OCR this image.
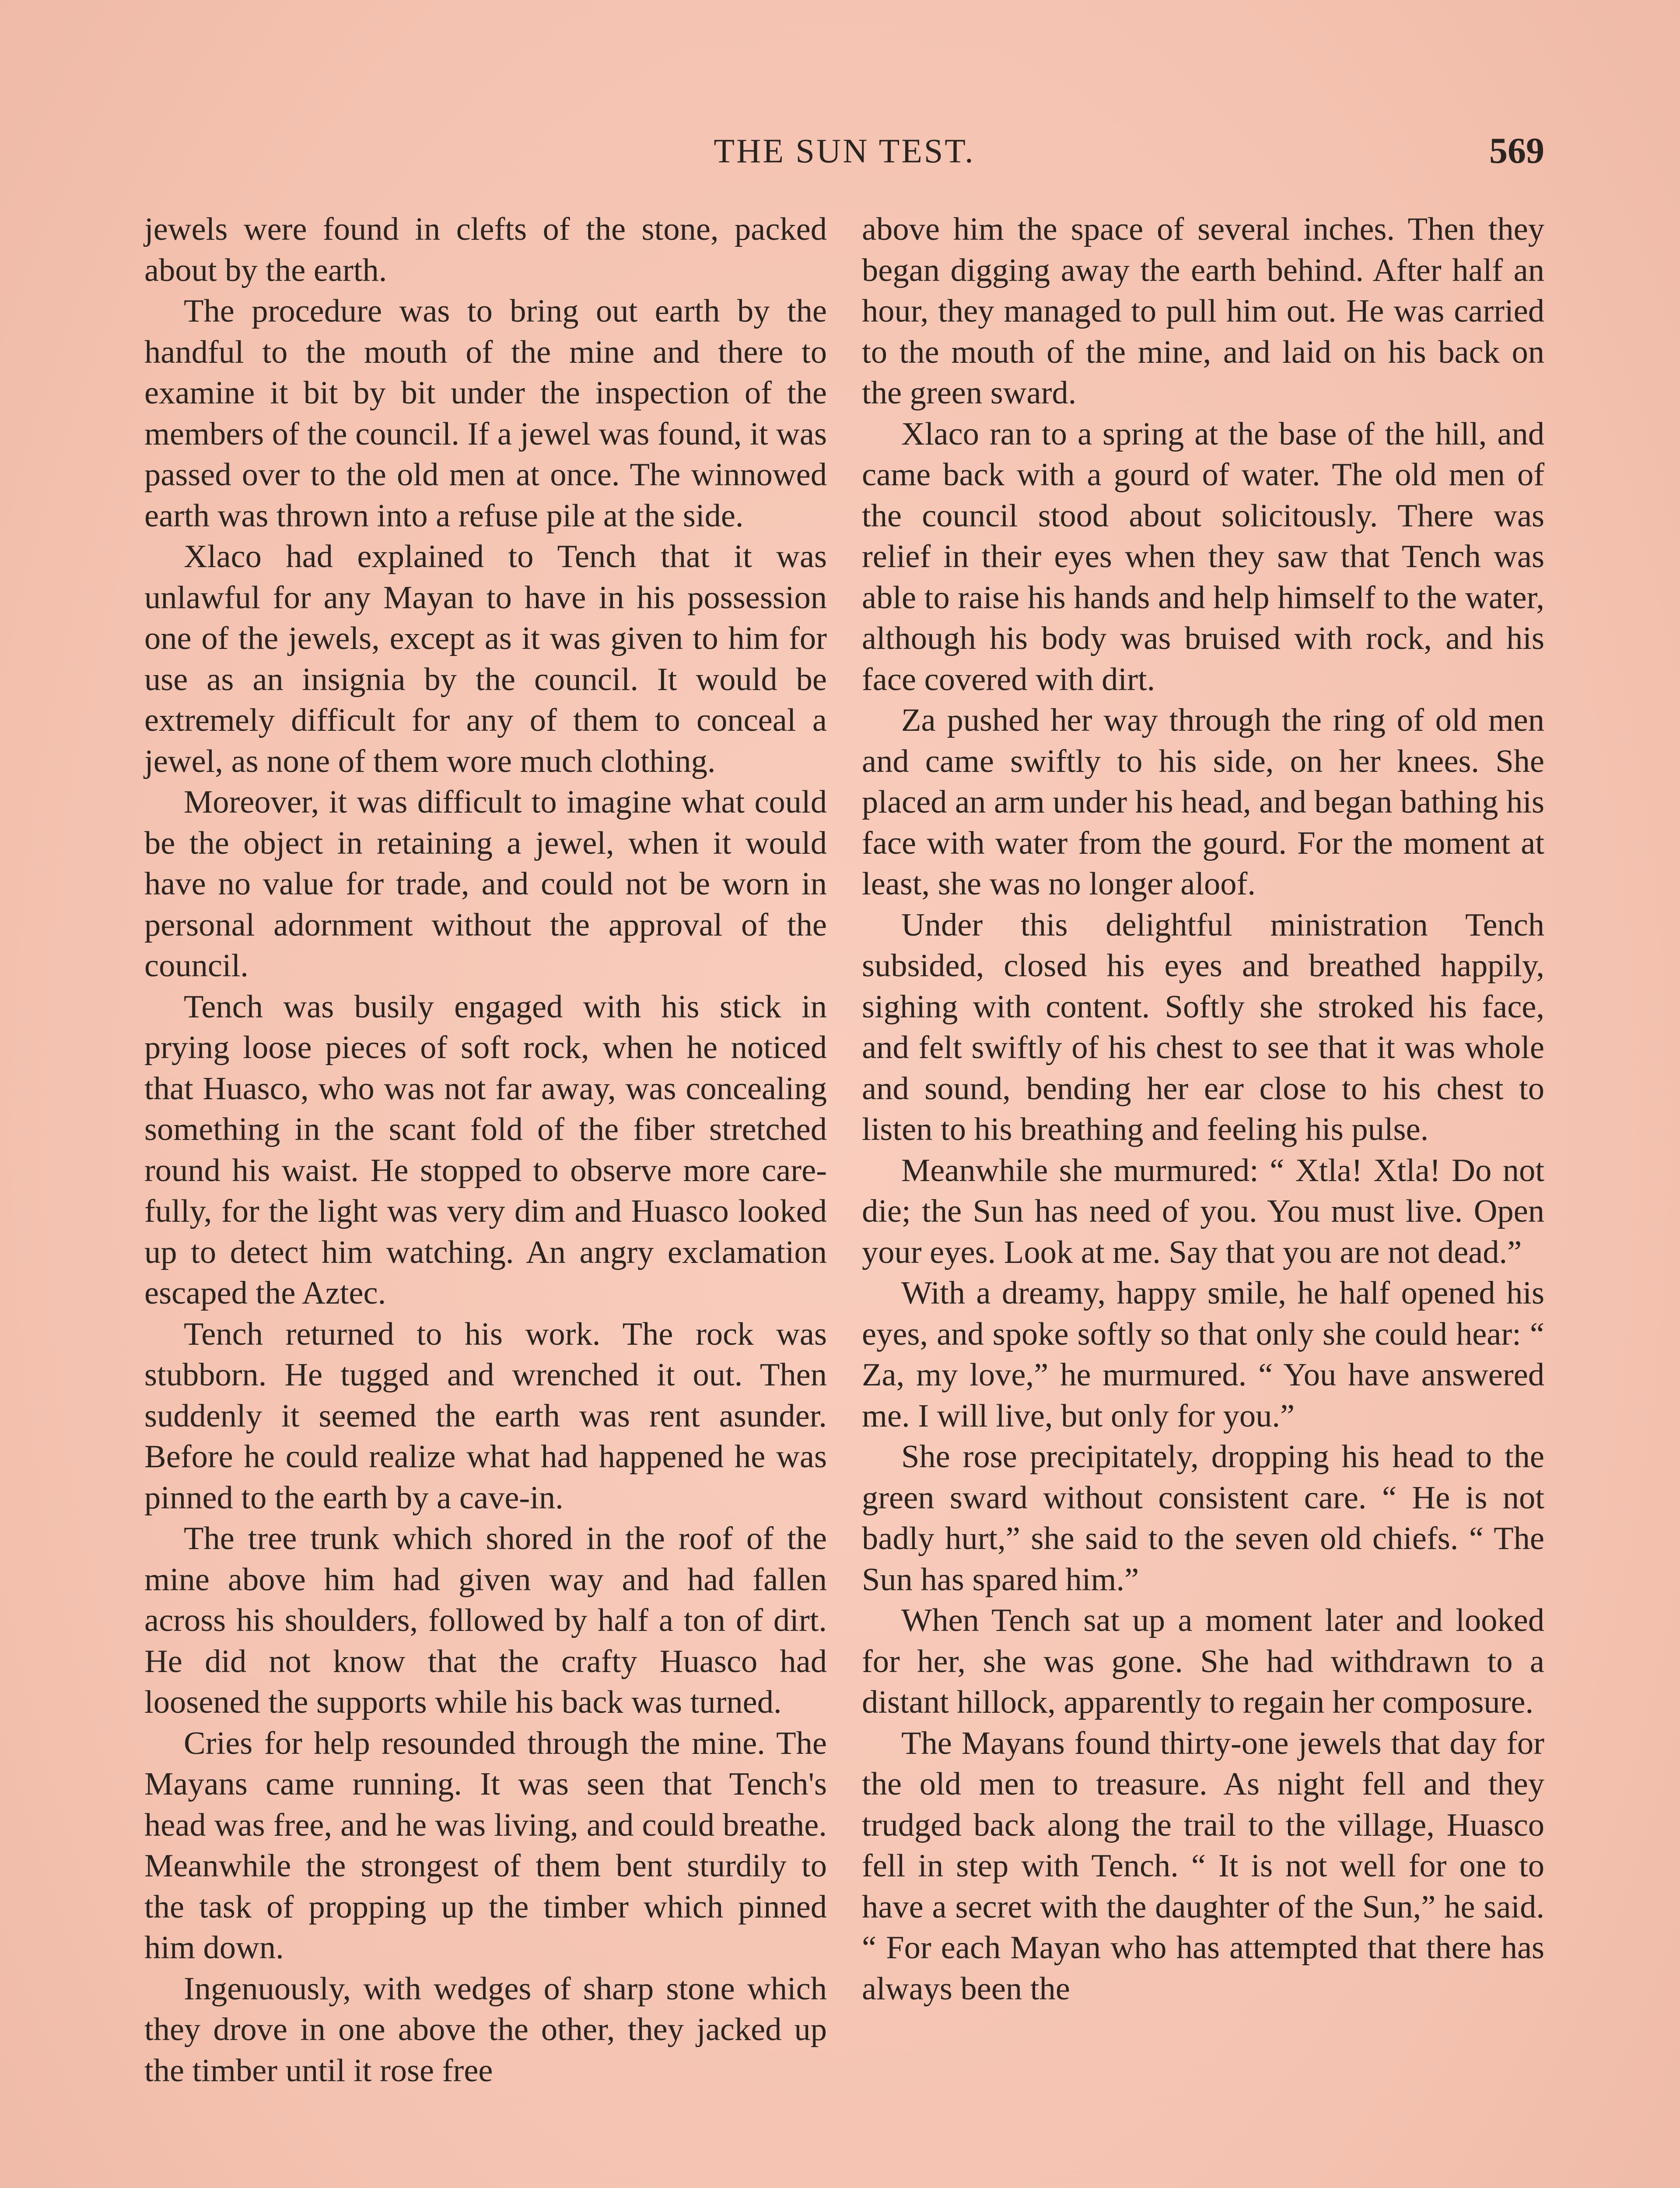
THE SUN TEST.	569

jewels were found in clefts of the stone, packed about by the earth.

The procedure was to bring out earth by the handful to the mouth of the mine and there to examine it bit by bit under the inspection of the members of the council. If a jewel was found, it was passed over to the old men at once. The winnowed earth was thrown into a refuse pile at the side.

Xlaco had explained to Tench that it was unlawful for any Mayan to have in his possession one of the jewels, except as it was given to him for use as an insignia by the council. It would be extremely difficult for any of them to conceal a jewel, as none of them wore much clothing.

Moreover, it was difficult to imagine what could be the object in retaining a jewel, when it would have no value for trade, and could not be worn in personal adornment without the approval of the council.

Tench was busily engaged with his stick in prying loose pieces of soft rock, when he noticed that Huasco, who was not far away, was concealing something in the scant fold of the fiber stretched round his waist. He stopped to observe more carefully, for the light was very dim and Huasco looked up to detect him watching. An angry exclamation escaped the Aztec.

Tench returned to his work. The rock was stubborn. He tugged and wrenched it out. Then suddenly it seemed the earth was rent asunder. Before he could realize what had happened he was pinned to the earth by a cave-in.

The tree trunk which shored in the roof of the mine above him had given way and had fallen across his shoulders, followed by half a ton of dirt. He did not know that the crafty Huasco had loosened the supports while his back was turned.

Cries for help resounded through the mine. The Mayans came running. It was seen that Tench's head was free, and he was living, and could breathe. Meanwhile the strongest of them bent sturdily to the task of propping up the timber which pinned him down.

Ingenuously, with wedges of sharp stone which they drove in one above the other, they jacked up the timber until it rose free

above him the space of several inches. Then they began digging away the earth behind. After half an hour, they managed to pull him out. He was carried to the mouth of the mine, and laid on his back on the green sward.

Xlaco ran to a spring at the base of the hill, and came back with a gourd of water. The old men of the council stood about solicitously. There was relief in their eyes when they saw that Tench was able to raise his hands and help himself to the water, although his body was bruised with rock, and his face covered with dirt.

Za pushed her way through the ring of old men and came swiftly to his side, on her knees. She placed an arm under his head, and began bathing his face with water from the gourd. For the moment at least, she was no longer aloof.

Under this delightful ministration Tench subsided, closed his eyes and breathed happily, sighing with content. Softly she stroked his face, and felt swiftly of his chest to see that it was whole and sound, bending her ear close to his chest to listen to his breathing and feeling his pulse.

Meanwhile she murmured: “ Xtla! Xtla! Do not die; the Sun has need of you. You must live. Open your eyes. Look at me. Say that you are not dead.”

With a dreamy, happy smile, he half opened his eyes, and spoke softly so that only she could hear: “ Za, my love,” he murmured. “ You have answered me. I will live, but only for you.”

She rose precipitately, dropping his head to the green sward without consistent care. “ He is not badly hurt,” she said to the seven old chiefs. “ The Sun has spared him.”

When Tench sat up a moment later and looked for her, she was gone. She had withdrawn to a distant hillock, apparently to regain her composure.

The Mayans found thirty-one jewels that day for the old men to treasure. As night fell and they trudged back along the trail to the village, Huasco fell in step with Tench. “ It is not well for one to have a secret with the daughter of the Sun,” he said. “ For each Mayan who has attempted that there has always been the
